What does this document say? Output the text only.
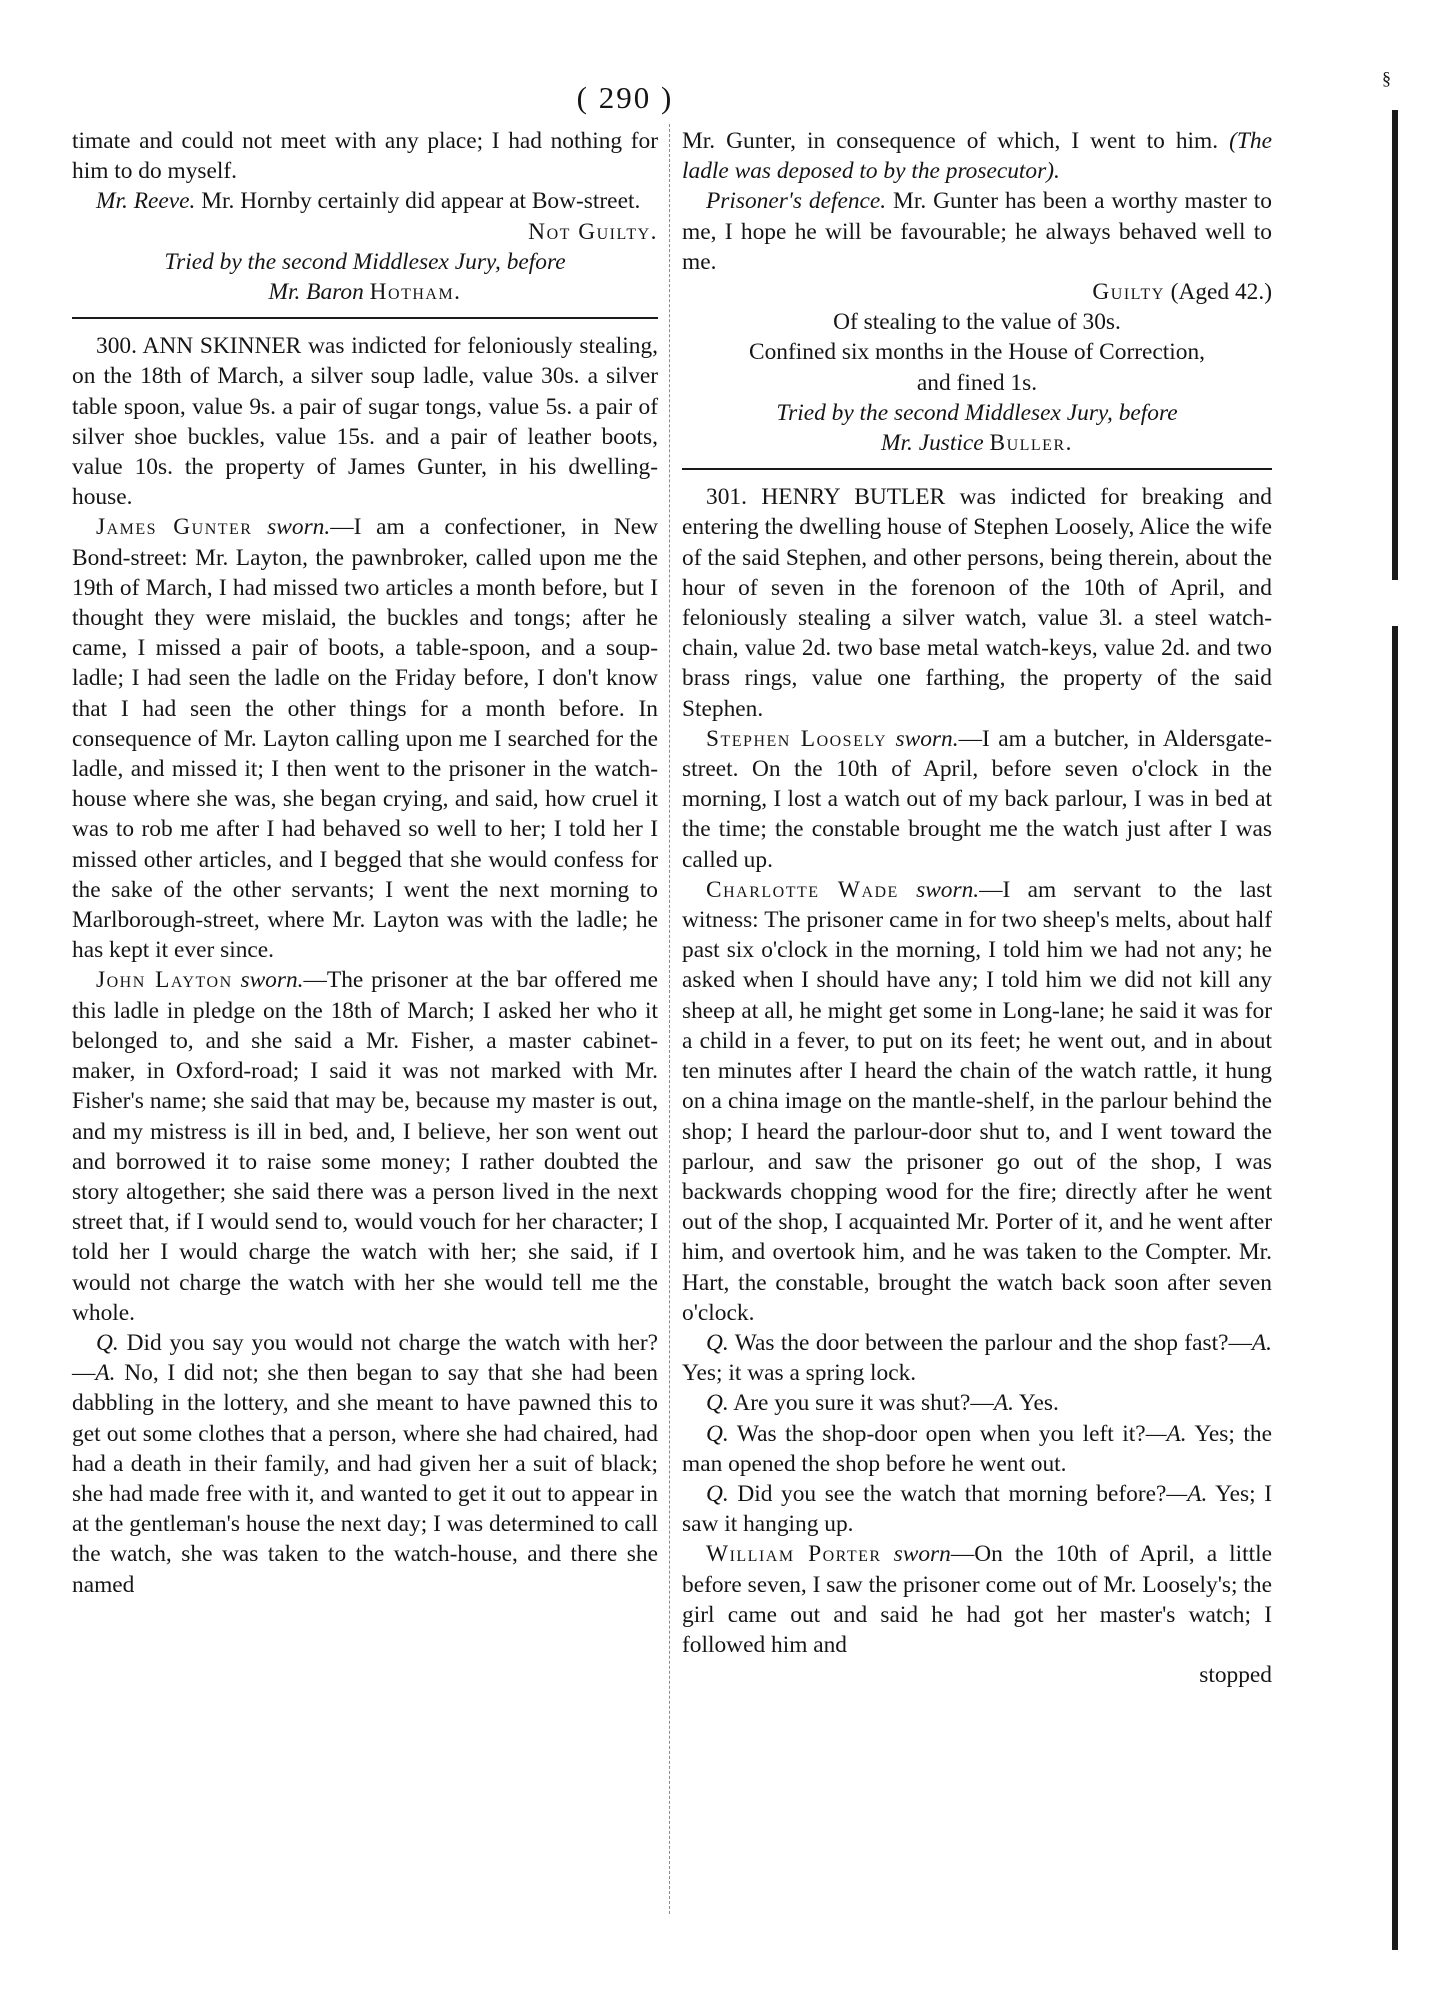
( 290 )
§

timate and could not meet with any place; I had nothing for him to do myself.

Mr. Reeve. Mr. Hornby certainly did appear at Bow-street.

Not Guilty.

Tried by the second Middlesex Jury, before

Mr. Baron Hotham.

300. ANN SKINNER was indicted for feloniously stealing, on the 18th of March, a silver soup ladle, value 30s. a silver table spoon, value 9s. a pair of sugar tongs, value 5s. a pair of silver shoe buckles, value 15s. and a pair of leather boots, value 10s. the property of James Gunter, in his dwelling-house.

James Gunter sworn.—I am a confectioner, in New Bond-street: Mr. Layton, the pawnbroker, called upon me the 19th of March, I had missed two articles a month before, but I thought they were mislaid, the buckles and tongs; after he came, I missed a pair of boots, a table-spoon, and a soup-ladle; I had seen the ladle on the Friday before, I don't know that I had seen the other things for a month before. In consequence of Mr. Layton calling upon me I searched for the ladle, and missed it; I then went to the prisoner in the watch-house where she was, she began crying, and said, how cruel it was to rob me after I had behaved so well to her; I told her I missed other articles, and I begged that she would confess for the sake of the other servants; I went the next morning to Marlborough-street, where Mr. Layton was with the ladle; he has kept it ever since.

John Layton sworn.—The prisoner at the bar offered me this ladle in pledge on the 18th of March; I asked her who it belonged to, and she said a Mr. Fisher, a master cabinet-maker, in Oxford-road; I said it was not marked with Mr. Fisher's name; she said that may be, because my master is out, and my mistress is ill in bed, and, I believe, her son went out and borrowed it to raise some money; I rather doubted the story altogether; she said there was a person lived in the next street that, if I would send to, would vouch for her character; I told her I would charge the watch with her; she said, if I would not charge the watch with her she would tell me the whole.

Q. Did you say you would not charge the watch with her?—A. No, I did not; she then began to say that she had been dabbling in the lottery, and she meant to have pawned this to get out some clothes that a person, where she had chaired, had had a death in their family, and had given her a suit of black; she had made free with it, and wanted to get it out to appear in at the gentleman's house the next day; I was determined to call the watch, she was taken to the watch-house, and there she named

Mr. Gunter, in consequence of which, I went to him. (The ladle was deposed to by the prosecutor).

Prisoner's defence. Mr. Gunter has been a worthy master to me, I hope he will be favourable; he always behaved well to me.

Guilty (Aged 42.)

Of stealing to the value of 30s.

Confined six months in the House of Correction,

and fined 1s.

Tried by the second Middlesex Jury, before

Mr. Justice Buller.

301. HENRY BUTLER was indicted for breaking and entering the dwelling house of Stephen Loosely, Alice the wife of the said Stephen, and other persons, being therein, about the hour of seven in the forenoon of the 10th of April, and feloniously stealing a silver watch, value 3l. a steel watch-chain, value 2d. two base metal watch-keys, value 2d. and two brass rings, value one farthing, the property of the said Stephen.

Stephen Loosely sworn.—I am a butcher, in Aldersgate-street. On the 10th of April, before seven o'clock in the morning, I lost a watch out of my back parlour, I was in bed at the time; the constable brought me the watch just after I was called up.

Charlotte Wade sworn.—I am servant to the last witness: The prisoner came in for two sheep's melts, about half past six o'clock in the morning, I told him we had not any; he asked when I should have any; I told him we did not kill any sheep at all, he might get some in Long-lane; he said it was for a child in a fever, to put on its feet; he went out, and in about ten minutes after I heard the chain of the watch rattle, it hung on a china image on the mantle-shelf, in the parlour behind the shop; I heard the parlour-door shut to, and I went toward the parlour, and saw the prisoner go out of the shop, I was backwards chopping wood for the fire; directly after he went out of the shop, I acquainted Mr. Porter of it, and he went after him, and overtook him, and he was taken to the Compter. Mr. Hart, the constable, brought the watch back soon after seven o'clock.

Q. Was the door between the parlour and the shop fast?—A. Yes; it was a spring lock.

Q. Are you sure it was shut?—A. Yes.

Q. Was the shop-door open when you left it?—A. Yes; the man opened the shop before he went out.

Q. Did you see the watch that morning before?—A. Yes; I saw it hanging up.

William Porter sworn—On the 10th of April, a little before seven, I saw the prisoner come out of Mr. Loosely's; the girl came out and said he had got her master's watch; I followed him and

stopped
